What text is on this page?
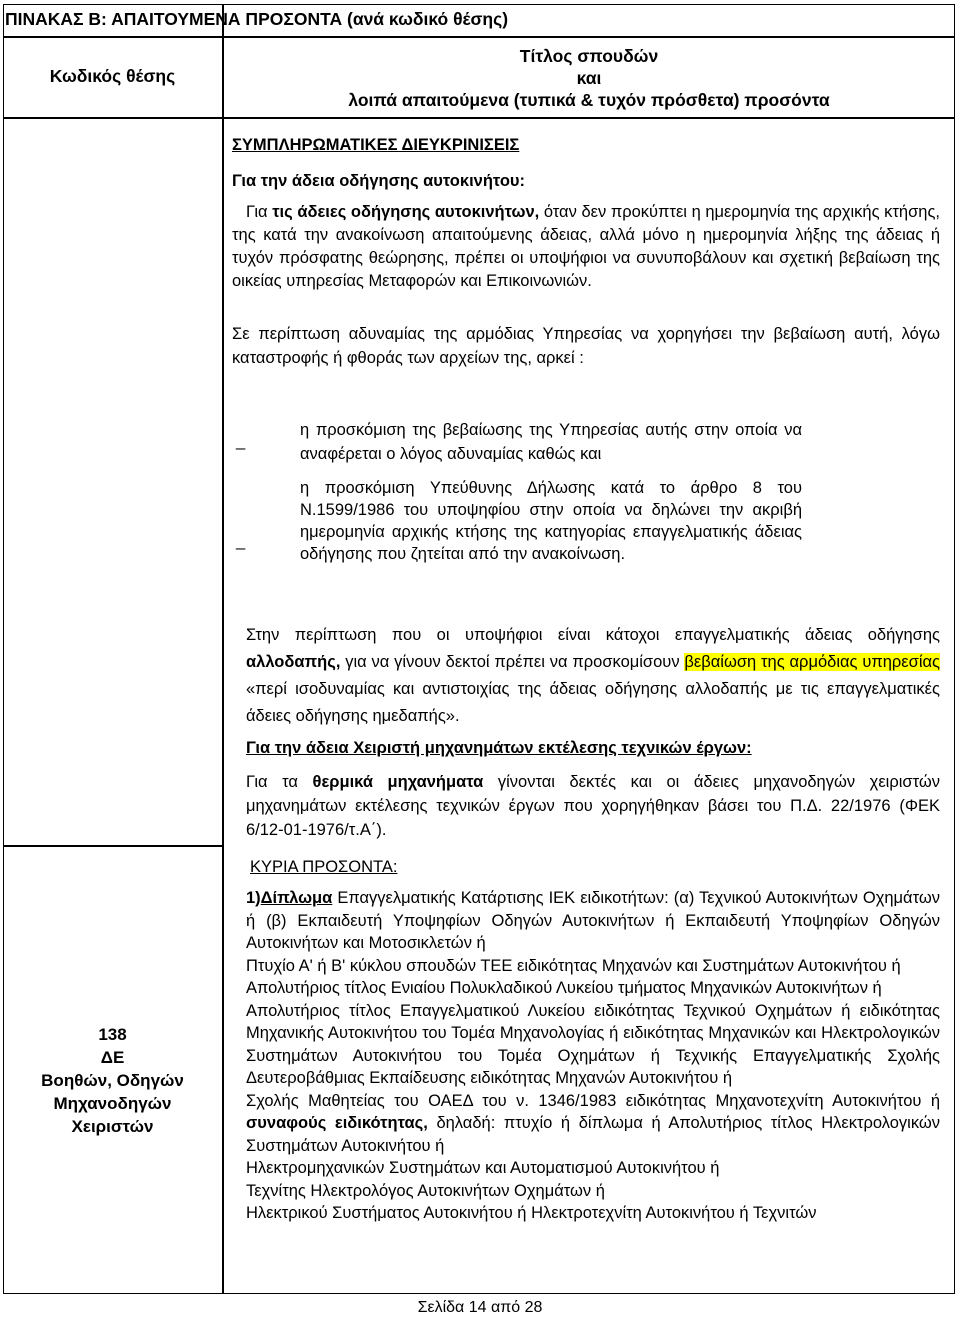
ΠΙΝΑΚΑΣ Β: ΑΠΑΙΤΟΥΜΕΝΑ ΠΡΟΣΟΝΤΑ (ανά κωδικό θέσης)
Κωδικός θέσης
Τίτλος σπουδών
και
λοιπά απαιτούμενα (τυπικά & τυχόν πρόσθετα) προσόντα
ΣΥΜΠΛΗΡΩΜΑΤΙΚΕΣ ΔΙΕΥΚΡΙΝΙΣΕΙΣ
Για την άδεια οδήγησης αυτοκινήτου:
Για τις άδειες οδήγησης αυτοκινήτων, όταν δεν προκύπτει η ημερομηνία της αρχικής κτήσης, της κατά την ανακοίνωση απαιτούμενης άδειας, αλλά μόνο η ημερομηνία λήξης της άδειας ή τυχόν πρόσφατης θεώρησης, πρέπει οι υποψήφιοι να συνυποβάλουν και σχετική βεβαίωση της οικείας υπηρεσίας Μεταφορών και Επικοινωνιών.
Σε περίπτωση αδυναμίας της αρμόδιας Υπηρεσίας να χορηγήσει την βεβαίωση αυτή, λόγω καταστροφής ή φθοράς των αρχείων της, αρκεί :
_
η προσκόμιση της βεβαίωσης της Υπηρεσίας αυτής στην οποία να αναφέρεται ο λόγος αδυναμίας καθώς και
_
η προσκόμιση Υπεύθυνης Δήλωσης κατά το άρθρο 8 του Ν.1599/1986 του υποψηφίου στην οποία να δηλώνει την ακριβή ημερομηνία αρχικής κτήσης της κατηγορίας επαγγελματικής άδειας οδήγησης που ζητείται από την ανακοίνωση.
Στην περίπτωση που οι υποψήφιοι είναι κάτοχοι επαγγελματικής άδειας οδήγησης αλλοδαπής, για να γίνουν δεκτοί πρέπει να προσκομίσουν βεβαίωση της αρμόδιας υπηρεσίας «περί ισοδυναμίας και αντιστοιχίας της άδειας οδήγησης αλλοδαπής με τις επαγγελματικές άδειες οδήγησης ημεδαπής».
Για την άδεια Χειριστή μηχανημάτων εκτέλεσης τεχνικών έργων:
Για τα θερμικά μηχανήματα γίνονται δεκτές και οι άδειες μηχανοδηγών χειριστών μηχανημάτων εκτέλεσης τεχνικών έργων που χορηγήθηκαν βάσει του Π.Δ. 22/1976 (ΦΕΚ 6/12-01-1976/τ.Α΄).
138
ΔΕ
Βοηθών, Οδηγών
Μηχανοδηγών
Χειριστών
ΚΥΡΙΑ ΠΡΟΣΟΝΤΑ:
1)Δίπλωμα Επαγγελματικής Κατάρτισης ΙΕΚ ειδικοτήτων: (α) Τεχνικού Αυτοκινήτων Οχημάτων ή (β) Εκπαιδευτή Υποψηφίων Οδηγών Αυτοκινήτων ή Εκπαιδευτή Υποψηφίων Οδηγών Αυτοκινήτων και Μοτοσικλετών ή
Πτυχίο Α' ή Β' κύκλου σπουδών ΤΕΕ ειδικότητας Μηχανών και Συστημάτων Αυτοκινήτου ή
Απολυτήριος τίτλος Ενιαίου Πολυκλαδικού Λυκείου τμήματος Μηχανικών Αυτοκινήτων ή
Απολυτήριος τίτλος Επαγγελματικού Λυκείου ειδικότητας Τεχνικού Οχημάτων ή ειδικότητας Μηχανικής Αυτοκινήτου του Τομέα Μηχανολογίας ή ειδικότητας Μηχανικών και Ηλεκτρολογικών Συστημάτων Αυτοκινήτου του Τομέα Οχημάτων ή Τεχνικής Επαγγελματικής Σχολής Δευτεροβάθμιας Εκπαίδευσης ειδικότητας Μηχανών Αυτοκινήτου ή
Σχολής Μαθητείας του ΟΑΕΔ του ν. 1346/1983 ειδικότητας Μηχανοτεχνίτη Αυτοκινήτου ή συναφούς ειδικότητας, δηλαδή: πτυχίο ή δίπλωμα ή Απολυτήριος τίτλος Ηλεκτρολογικών Συστημάτων Αυτοκινήτου ή
Ηλεκτρομηχανικών Συστημάτων και Αυτοματισμού Αυτοκινήτου ή
Τεχνίτης Ηλεκτρολόγος Αυτοκινήτων Οχημάτων ή
Ηλεκτρικού Συστήματος Αυτοκινήτου ή Ηλεκτροτεχνίτη Αυτοκινήτου ή Τεχνιτών
Σελίδα 14 από 28
